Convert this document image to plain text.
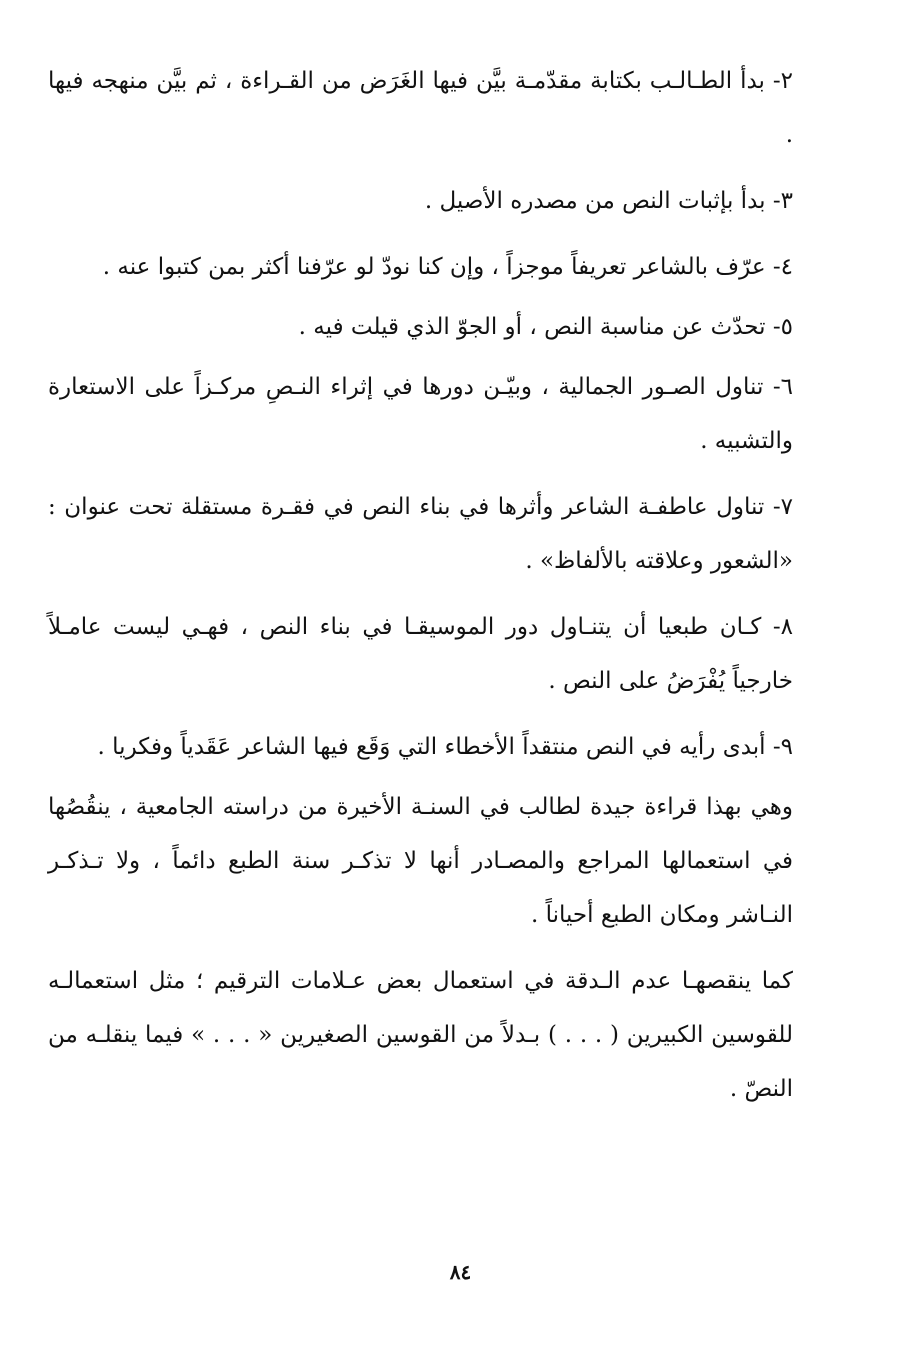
٢- بدأ الطـالـب بكتابة مقدّمـة بيَّن فيها الغَرَض من القـراءة ، ثم بيَّن منهجه فيها .

٣- بدأ بإثبات النص من مصدره الأصيل .

٤- عرّف بالشاعر تعريفاً موجزاً ، وإن كنا نودّ لو عرّفنا أكثر بمن كتبوا عنه .

٥- تحدّث عن مناسبة النص ، أو الجوّ الذي قيلت فيه .

٦- تناول الصـور الجمالية ، وبيّـن دورها في إثراء النـصِ مركـزاً على الاستعارة والتشبيه .

٧- تناول عاطفـة الشاعر وأثرها في بناء النص في فقـرة مستقلة تحت عنوان : «الشعور وعلاقته بالألفاظ» .

٨- كـان طبعيا أن يتنـاول دور الموسيقـا في بناء النص ، فهـي ليست عامـلاً خارجياً يُفْرَضُ على النص .

٩- أبدى رأيه في النص منتقداً الأخطاء التي وَقَع فيها الشاعر عَقَدياً وفكريا .

وهي بهذا قراءة جيدة لطالب في السنـة الأخيرة من دراسته الجامعية ، ينقُصُها في استعمالها المراجع والمصـادر أنها لا تذكـر سنة الطبع دائماً ، ولا تـذكـر النـاشر ومكان الطبع أحياناً .

كما ينقصهـا عدم الـدقة في استعمال بعض عـلامات الترقيم ؛ مثل استعمالـه للقوسين الكبيرين ( . . . ) بـدلاً من القوسين الصغيرين « . . . » فيما ينقلـه من النصّ .

٨٤
